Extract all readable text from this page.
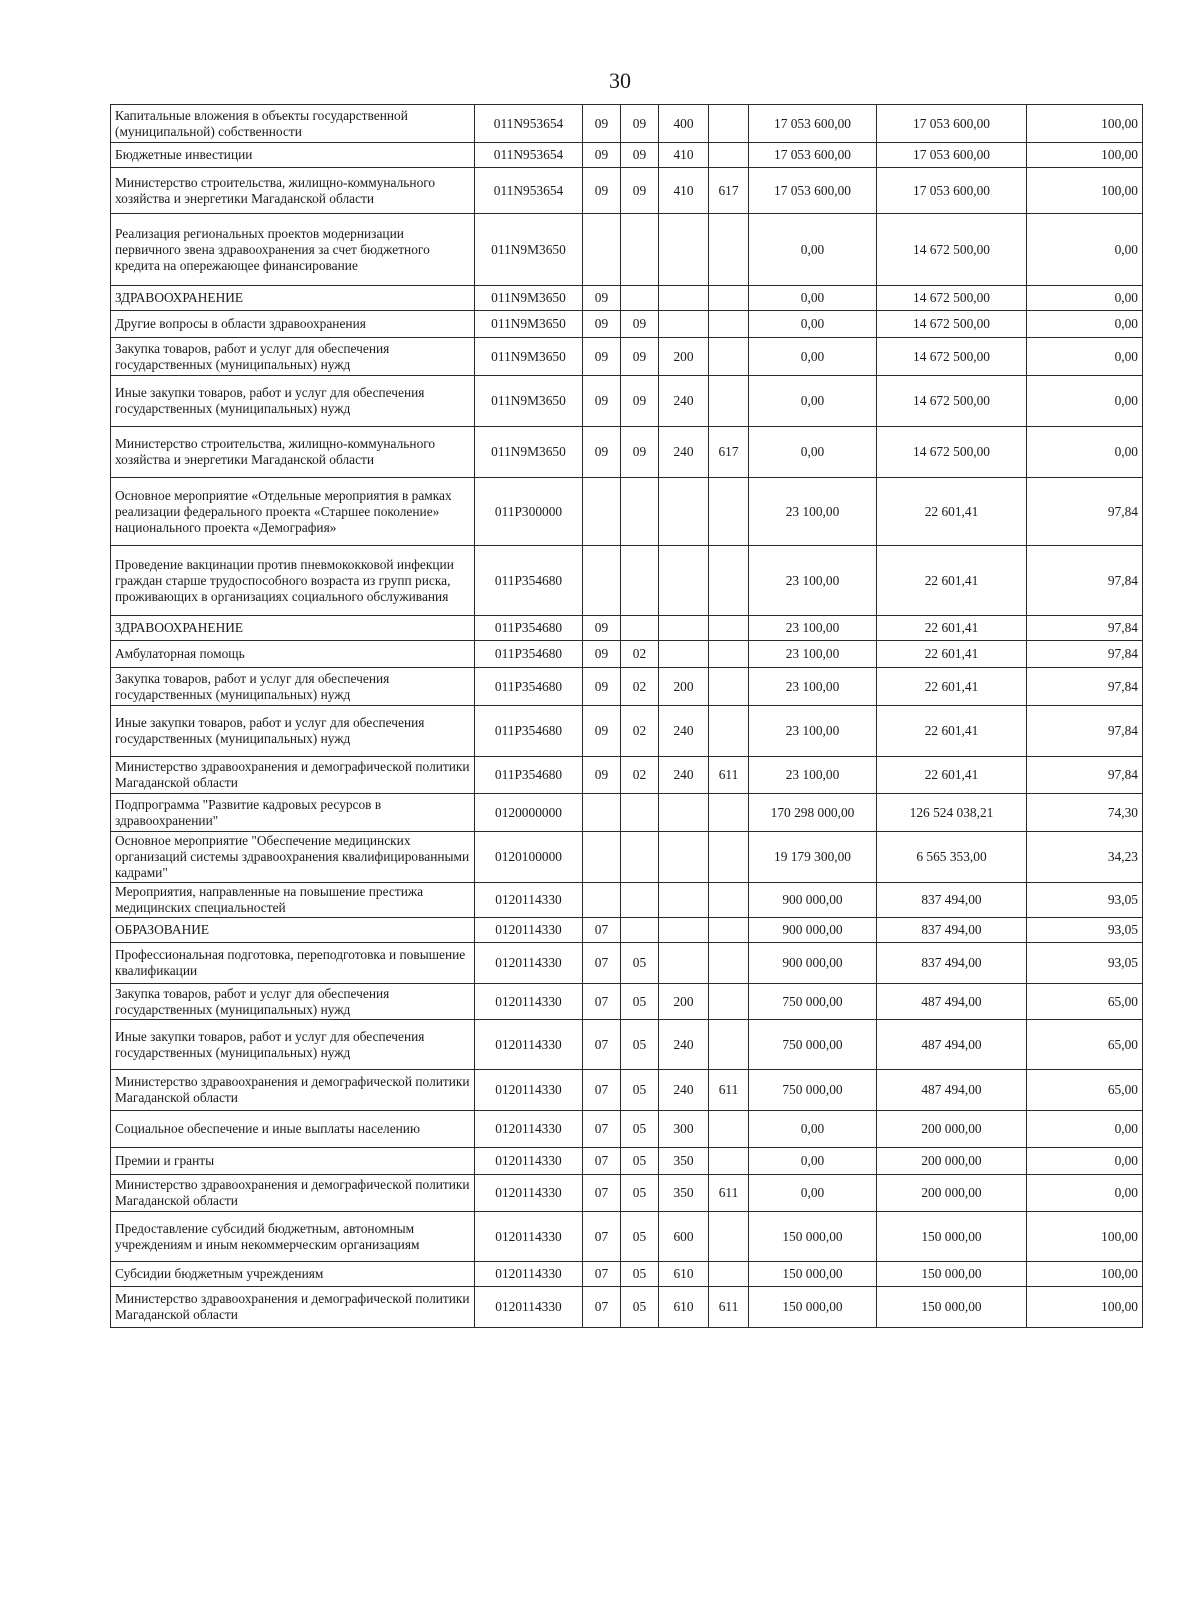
30
Капитальные вложения в объекты государственной (муниципальной) собственности	011N953654	09	09	400		17 053 600,00	17 053 600,00	100,00
Бюджетные инвестиции	011N953654	09	09	410		17 053 600,00	17 053 600,00	100,00
Министерство строительства, жилищно-коммунального хозяйства и энергетики Магаданской области	011N953654	09	09	410	617	17 053 600,00	17 053 600,00	100,00
Реализация региональных проектов модернизации первичного звена здравоохранения за счет бюджетного кредита на опережающее финансирование	011N9M3650					0,00	14 672 500,00	0,00
ЗДРАВООХРАНЕНИЕ	011N9M3650	09				0,00	14 672 500,00	0,00
Другие вопросы в области здравоохранения	011N9M3650	09	09			0,00	14 672 500,00	0,00
Закупка товаров, работ и услуг для обеспечения государственных (муниципальных) нужд	011N9M3650	09	09	200		0,00	14 672 500,00	0,00
Иные закупки товаров, работ и услуг для обеспечения государственных (муниципальных) нужд	011N9M3650	09	09	240		0,00	14 672 500,00	0,00
Министерство строительства, жилищно-коммунального хозяйства и энергетики Магаданской области	011N9M3650	09	09	240	617	0,00	14 672 500,00	0,00
Основное мероприятие «Отдельные мероприятия в рамках реализации федерального проекта «Старшее поколение» национального проекта «Демография»	011P300000					23 100,00	22 601,41	97,84
Проведение вакцинации против пневмококковой инфекции граждан старше трудоспособного возраста из групп риска, проживающих в организациях социального обслуживания	011P354680					23 100,00	22 601,41	97,84
ЗДРАВООХРАНЕНИЕ	011P354680	09				23 100,00	22 601,41	97,84
Амбулаторная помощь	011P354680	09	02			23 100,00	22 601,41	97,84
Закупка товаров, работ и услуг для обеспечения государственных (муниципальных) нужд	011P354680	09	02	200		23 100,00	22 601,41	97,84
Иные закупки товаров, работ и услуг для обеспечения государственных (муниципальных) нужд	011P354680	09	02	240		23 100,00	22 601,41	97,84
Министерство здравоохранения и демографической политики Магаданской области	011P354680	09	02	240	611	23 100,00	22 601,41	97,84
Подпрограмма "Развитие кадровых ресурсов в здравоохранении"	0120000000					170 298 000,00	126 524 038,21	74,30
Основное мероприятие "Обеспечение медицинских организаций системы здравоохранения квалифицированными кадрами"	0120100000					19 179 300,00	6 565 353,00	34,23
Мероприятия, направленные на повышение престижа медицинских специальностей	0120114330					900 000,00	837 494,00	93,05
ОБРАЗОВАНИЕ	0120114330	07				900 000,00	837 494,00	93,05
Профессиональная подготовка, переподготовка и повышение квалификации	0120114330	07	05			900 000,00	837 494,00	93,05
Закупка товаров, работ и услуг для обеспечения государственных (муниципальных) нужд	0120114330	07	05	200		750 000,00	487 494,00	65,00
Иные закупки товаров, работ и услуг для обеспечения государственных (муниципальных) нужд	0120114330	07	05	240		750 000,00	487 494,00	65,00
Министерство здравоохранения и демографической политики Магаданской области	0120114330	07	05	240	611	750 000,00	487 494,00	65,00
Социальное обеспечение и иные выплаты населению	0120114330	07	05	300		0,00	200 000,00	0,00
Премии и гранты	0120114330	07	05	350		0,00	200 000,00	0,00
Министерство здравоохранения и демографической политики Магаданской области	0120114330	07	05	350	611	0,00	200 000,00	0,00
Предоставление субсидий бюджетным, автономным учреждениям и иным некоммерческим организациям	0120114330	07	05	600		150 000,00	150 000,00	100,00
Субсидии бюджетным учреждениям	0120114330	07	05	610		150 000,00	150 000,00	100,00
Министерство здравоохранения и демографической политики Магаданской области	0120114330	07	05	610	611	150 000,00	150 000,00	100,00
